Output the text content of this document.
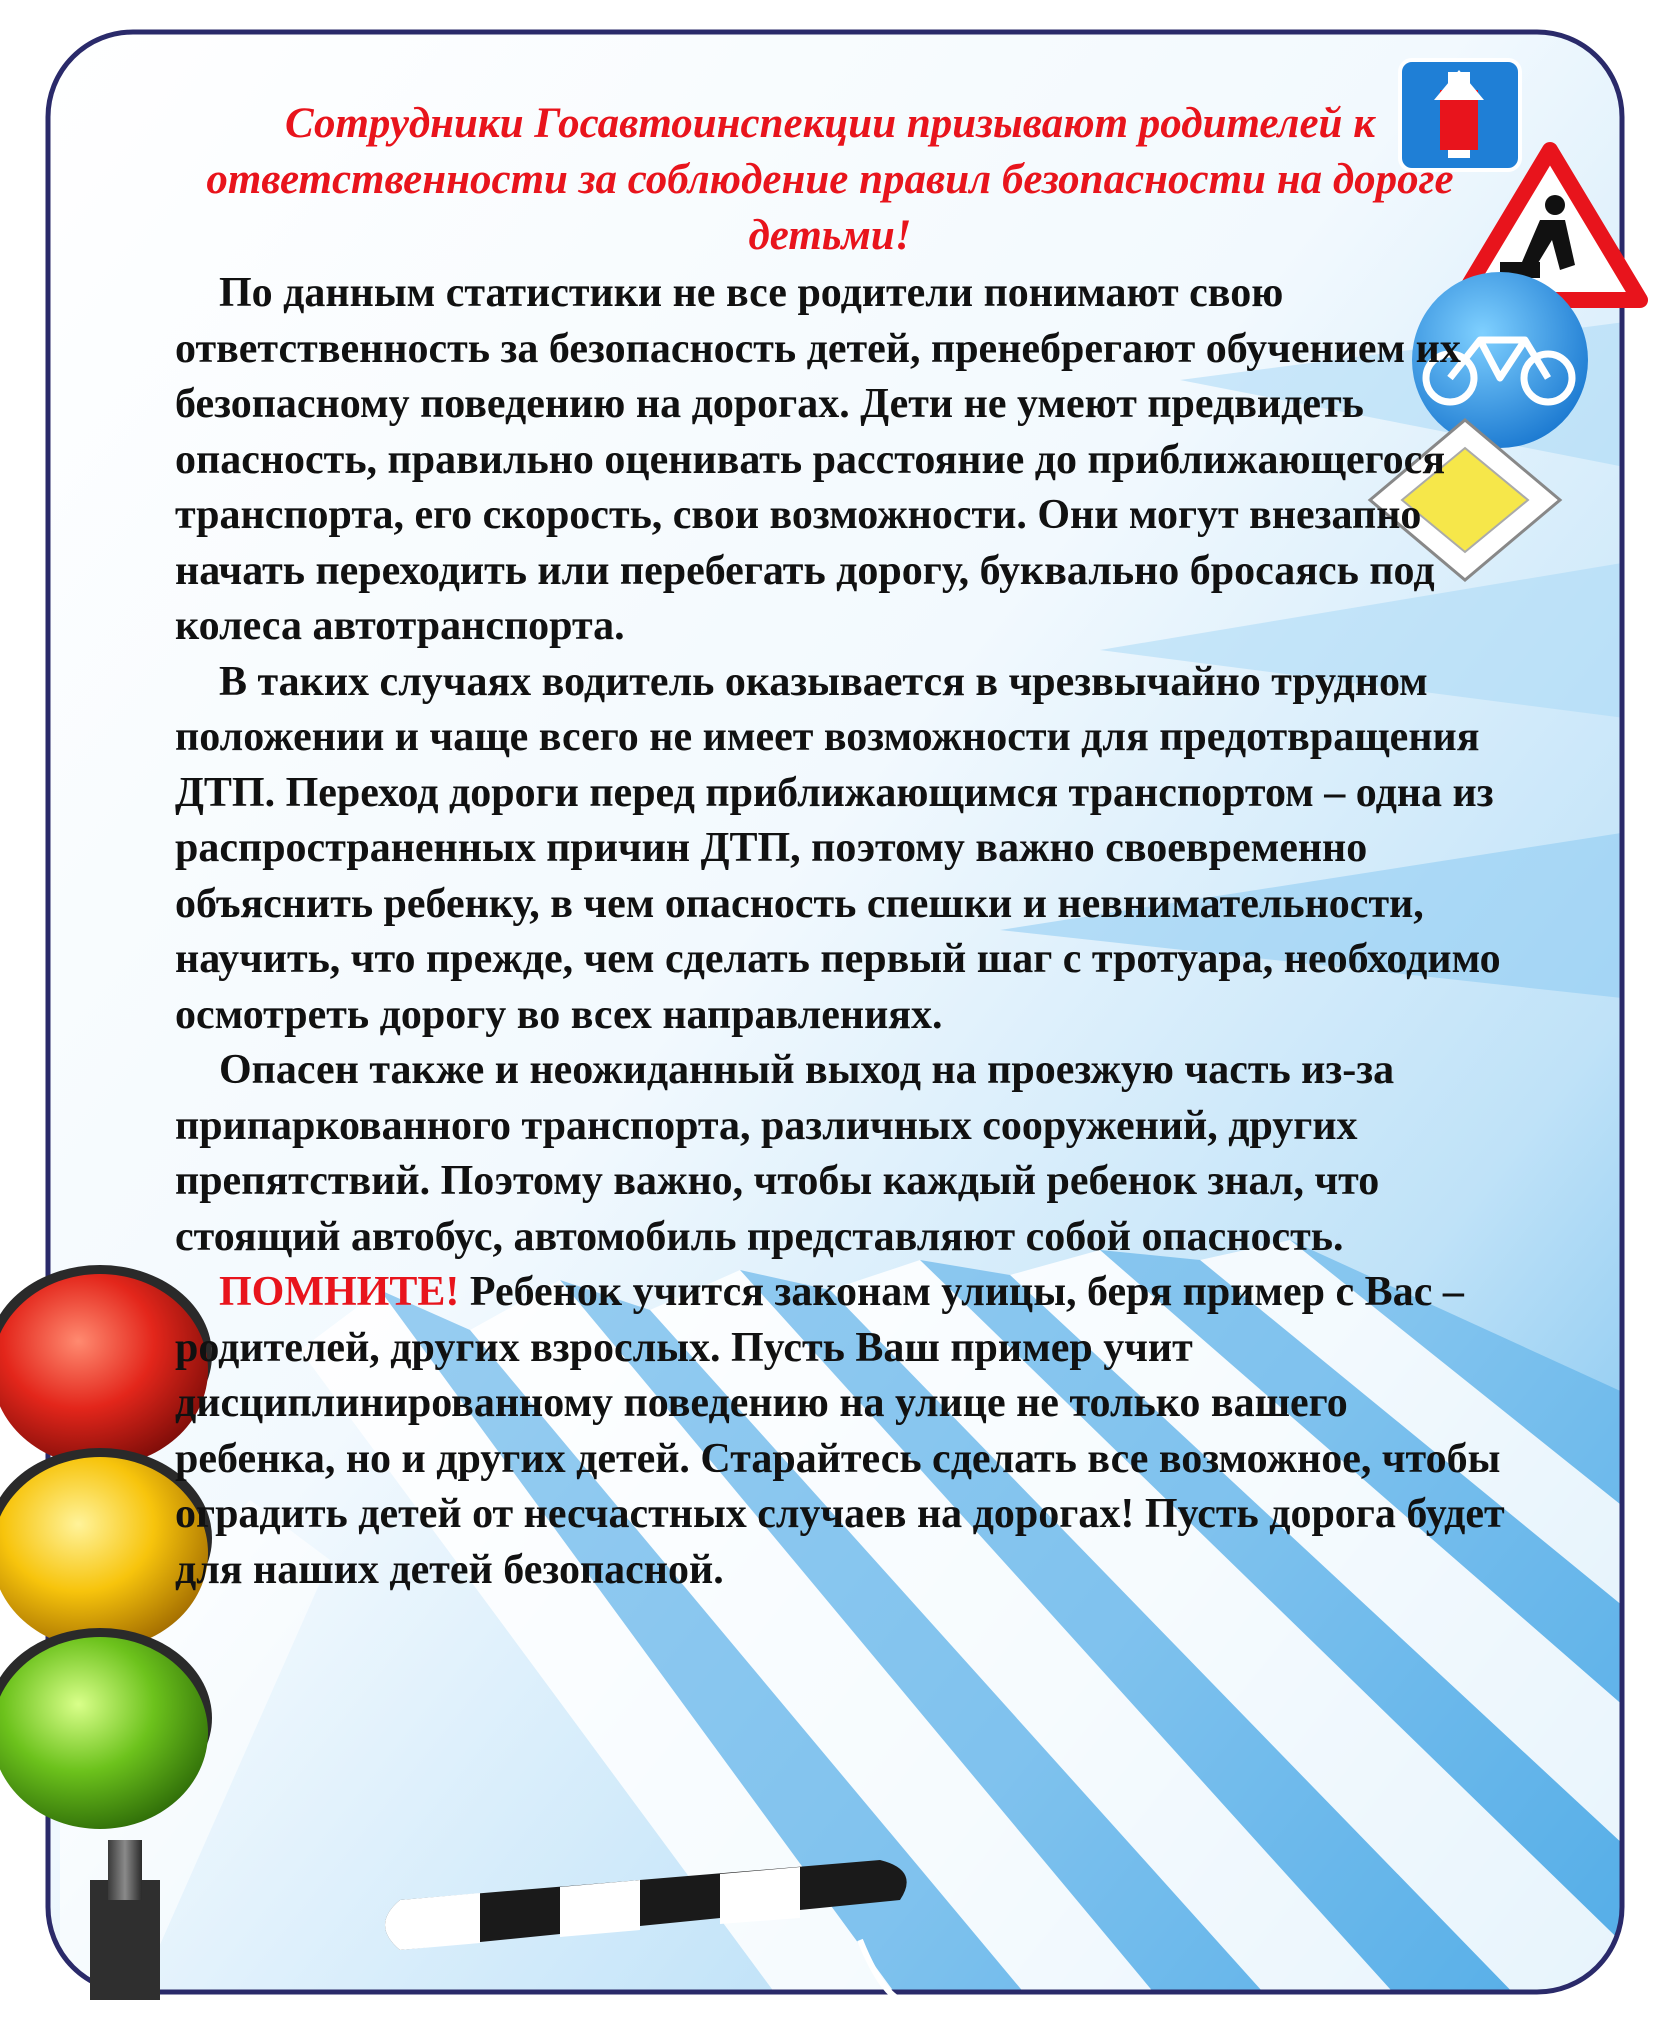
Сотрудники Госавтоинспекции призывают родителей к ответственности за соблюдение правил безопасности на дороге детьми!

По данным статистики не все родители понимают свою ответственность за безопасность детей, пренебрегают обучением их безопасному поведению на дорогах. Дети не умеют предвидеть опасность, правильно оценивать расстояние до приближающегося транспорта, его скорость, свои возможности. Они могут внезапно начать переходить или перебегать дорогу, буквально бросаясь под колеса автотранспорта.

В таких случаях водитель оказывается в чрезвычайно трудном положении и чаще всего не имеет возможности для предотвращения ДТП. Переход дороги перед приближающимся транспортом – одна из распространенных причин ДТП, поэтому важно своевременно объяснить ребенку, в чем опасность спешки и невнимательности, научить, что прежде, чем сделать первый шаг с тротуара, необходимо осмотреть дорогу во всех направлениях.

Опасен также и неожиданный выход на проезжую часть из-за припаркованного транспорта, различных сооружений, других препятствий. Поэтому важно, чтобы каждый ребенок знал, что стоящий автобус, автомобиль представляют собой опасность.

ПОМНИТЕ! Ребенок учится законам улицы, беря пример с Вас – родителей, других взрослых. Пусть Ваш пример учит дисциплинированному поведению на улице не только вашего ребенка, но и других детей. Старайтесь сделать все возможное, чтобы оградить детей от несчастных случаев на дорогах! Пусть дорога будет для наших детей безопасной.
